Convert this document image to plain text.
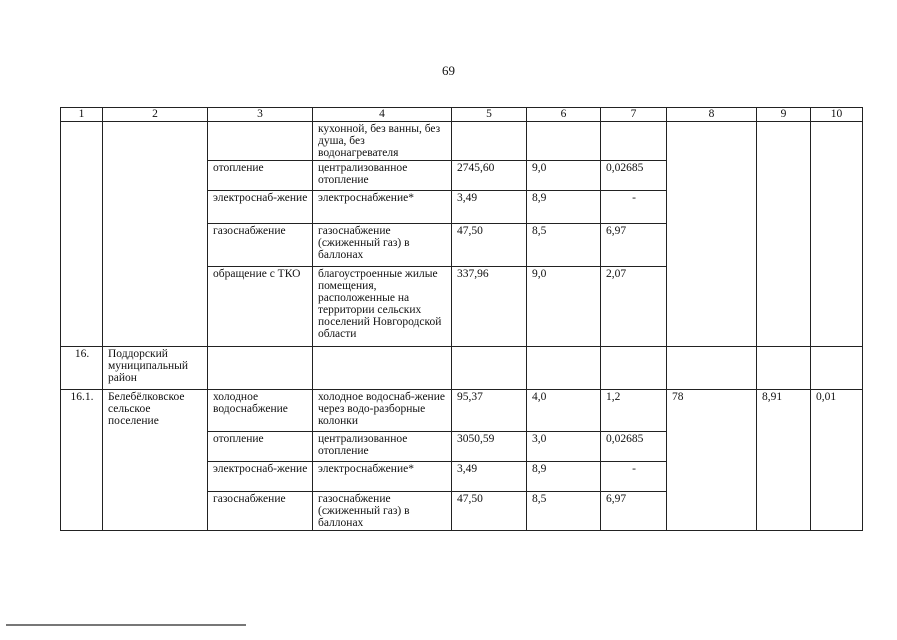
69
1	2	3	4	5	6	7	8	9	10
			кухонной, без ванны, без душа, без водонагревателя						
		отопление	централизованное отопление	2745,60	9,0	0,02685			
		электроснаб-жение	электроснабжение*	3,49	8,9	-			
		газоснабжение	газоснабжение (сжиженный газ) в баллонах	47,50	8,5	6,97			
		обращение с ТКО	благоустроенные жилые помещения, расположенные на территории сельских поселений Новгородской области	337,96	9,0	2,07			
16.	Поддорский муниципальный район								
16.1.	Белебёлковское сельское поселение	холодное водоснабжение	холодное водоснаб-жение через водо-разборные колонки	95,37	4,0	1,2	78	8,91	0,01
		отопление	централизованное отопление	3050,59	3,0	0,02685			
		электроснаб-жение	электроснабжение*	3,49	8,9	-			
		газоснабжение	газоснабжение (сжиженный газ) в баллонах	47,50	8,5	6,97			
